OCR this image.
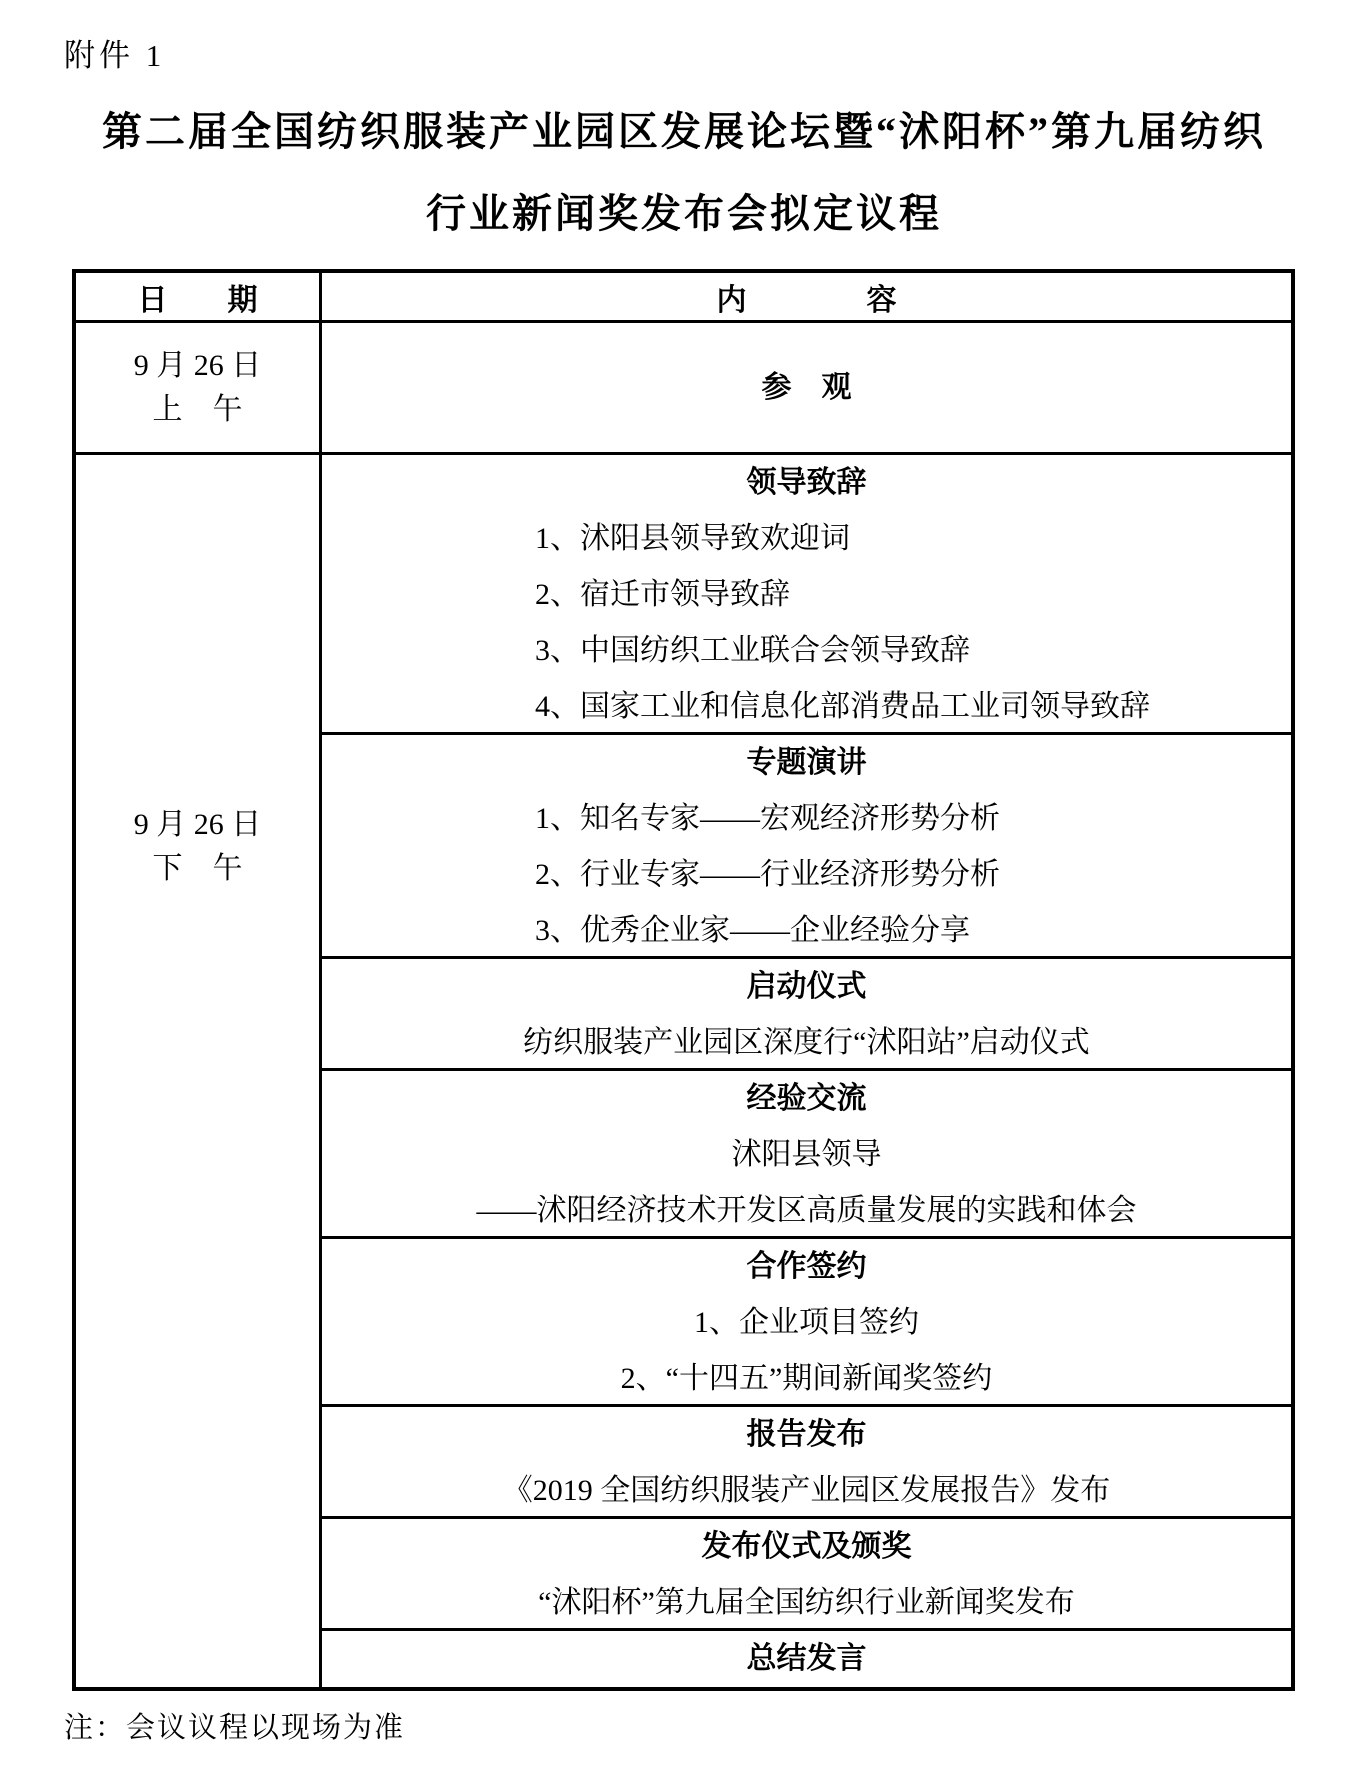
附件 1
第二届全国纺织服装产业园区发展论坛暨“沭阳杯”第九届纺织
行业新闻奖发布会拟定议程
日　　期
9 月 26 日
上　午
9 月 26 日
下　午
内　　　　容
参　观
领导致辞
1、沭阳县领导致欢迎词
2、宿迁市领导致辞
3、中国纺织工业联合会领导致辞
4、国家工业和信息化部消费品工业司领导致辞
专题演讲
1、知名专家——宏观经济形势分析
2、行业专家——行业经济形势分析
3、优秀企业家——企业经验分享
启动仪式
纺织服装产业园区深度行“沭阳站”启动仪式
经验交流
沭阳县领导
——沭阳经济技术开发区高质量发展的实践和体会
合作签约
1、企业项目签约
2、“十四五”期间新闻奖签约
报告发布
《2019 全国纺织服装产业园区发展报告》发布
发布仪式及颁奖
“沭阳杯”第九届全国纺织行业新闻奖发布
总结发言
注：会议议程以现场为准
